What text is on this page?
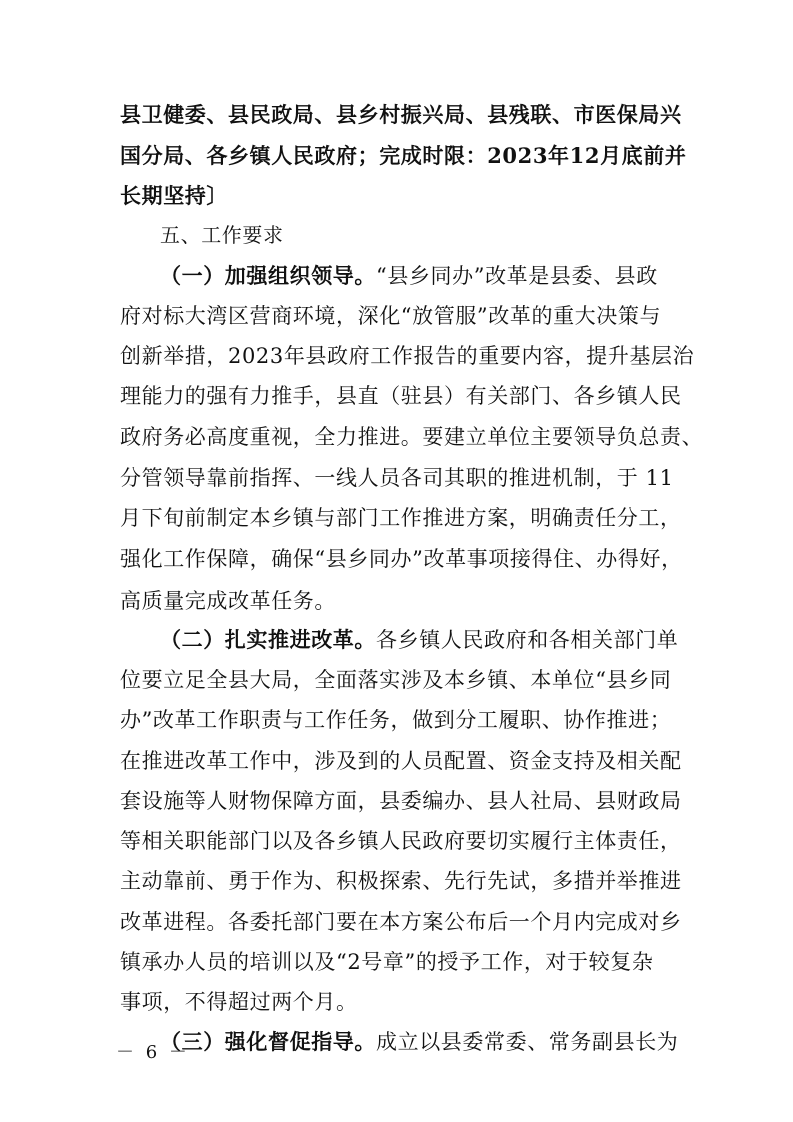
县卫健委、县民政局、县乡村振兴局、县残联、市医保局兴
国分局、各乡镇人民政府；完成时限：2023年12月底前并
长期坚持〕
五、工作要求
（一）加强组织领导。“县乡同办”改革是县委、县政
府对标大湾区营商环境，深化“放管服”改革的重大决策与
创新举措，2023年县政府工作报告的重要内容，提升基层治
理能力的强有力推手，县直（驻县）有关部门、各乡镇人民
政府务必高度重视，全力推进。要建立单位主要领导负总责、
分管领导靠前指挥、一线人员各司其职的推进机制，于 11
月下旬前制定本乡镇与部门工作推进方案，明确责任分工，
强化工作保障，确保“县乡同办”改革事项接得住、办得好，
高质量完成改革任务。
（二）扎实推进改革。各乡镇人民政府和各相关部门单
位要立足全县大局，全面落实涉及本乡镇、本单位“县乡同
办”改革工作职责与工作任务，做到分工履职、协作推进；
在推进改革工作中，涉及到的人员配置、资金支持及相关配
套设施等人财物保障方面，县委编办、县人社局、县财政局
等相关职能部门以及各乡镇人民政府要切实履行主体责任，
主动靠前、勇于作为、积极探索、先行先试，多措并举推进
改革进程。各委托部门要在本方案公布后一个月内完成对乡
镇承办人员的培训以及“2号章”的授予工作，对于较复杂
事项，不得超过两个月。
（三）强化督促指导。成立以县委常委、常务副县长为
－ 6 －
